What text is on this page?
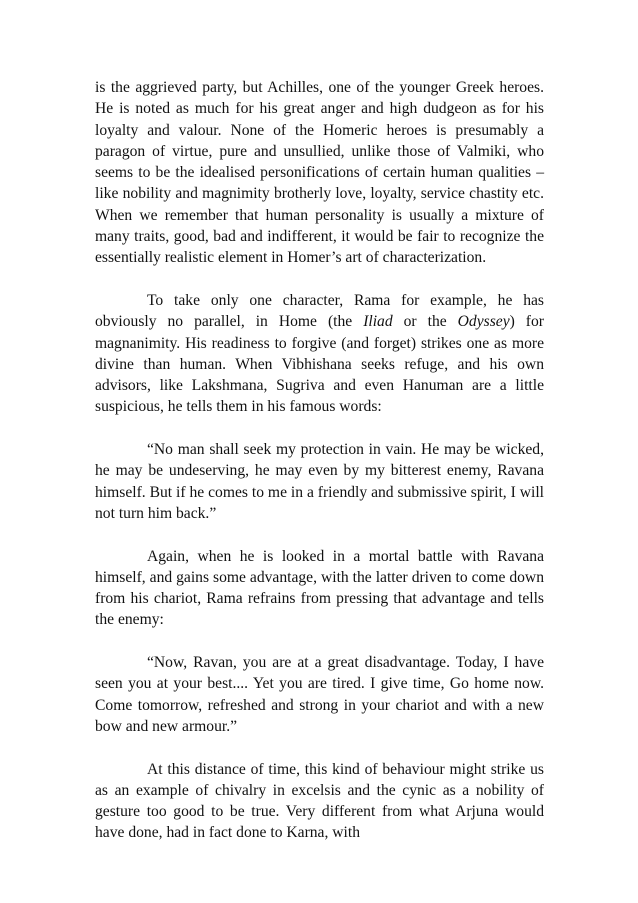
is the aggrieved party, but Achilles, one of the younger Greek heroes. He is noted as much for his great anger and high dudgeon as for his loyalty and valour. None of the Homeric heroes is presumably a paragon of virtue, pure and unsullied, unlike those of Valmiki, who seems to be the idealised personifications of certain human qualities – like nobility and magnimity brotherly love, loyalty, service chastity etc. When we remember that human personality is usually a mixture of many traits, good, bad and indifferent, it would be fair to recognize the essentially realistic element in Homer’s art of characterization.

To take only one character, Rama for example, he has obviously no parallel, in Home (the Iliad or the Odyssey) for magnanimity. His readiness to forgive (and forget) strikes one as more divine than human. When Vibhishana seeks refuge, and his own advisors, like Lakshmana, Sugriva and even Hanuman are a little suspicious, he tells them in his famous words:

“No man shall seek my protection in vain. He may be wicked, he may be undeserving, he may even by my bitterest enemy, Ravana himself. But if he comes to me in a friendly and submissive spirit, I will not turn him back.”

Again, when he is looked in a mortal battle with Ravana himself, and gains some advantage, with the latter driven to come down from his chariot, Rama refrains from pressing that advantage and tells the enemy:

“Now, Ravan, you are at a great disadvantage. Today, I have seen you at your best.... Yet you are tired. I give time, Go home now. Come tomorrow, refreshed and strong in your chariot and with a new bow and new armour.”

At this distance of time, this kind of behaviour might strike us as an example of chivalry in excelsis and the cynic as a nobility of gesture too good to be true. Very different from what Arjuna would have done, had in fact done to Karna, with
